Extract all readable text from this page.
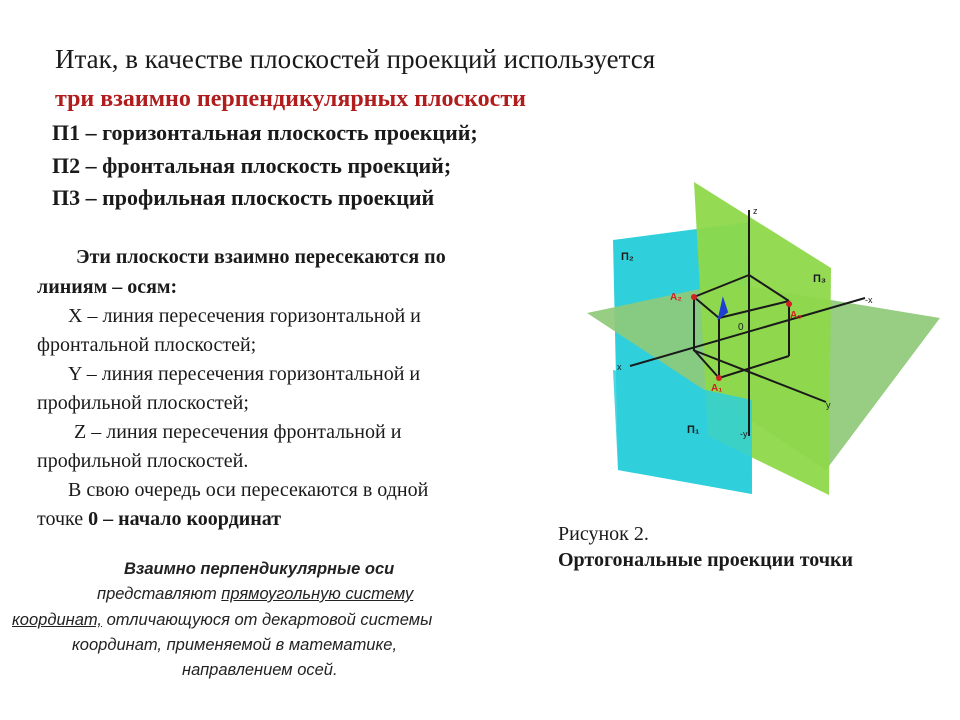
Итак, в качестве плоскостей проекций используется
три взаимно перпендикулярных плоскости
П1 – горизонтальная плоскость проекций;
П2 – фронтальная плоскость проекций;
П3 – профильная плоскость проекций
Эти плоскости взаимно пересекаются по
линиям – осям:
X – линия пересечения горизонтальной и
фронтальной плоскостей;
Y – линия пересечения горизонтальной и
профильной плоскостей;
Z – линия пересечения фронтальной и
профильной плоскостей.
В свою очередь оси пересекаются в одной
точке 0 – начало координат
Взаимно перпендикулярные оси
представляют прямоугольную систему
координат, отличающуюся от декартовой системы
координат, применяемой в математике,
направлением осей.
П₂
П₃
П₁
z
x
-x
y
-y
A₂
A₃
A₁
0
Рисунок 2.
Ортогональные проекции точки
